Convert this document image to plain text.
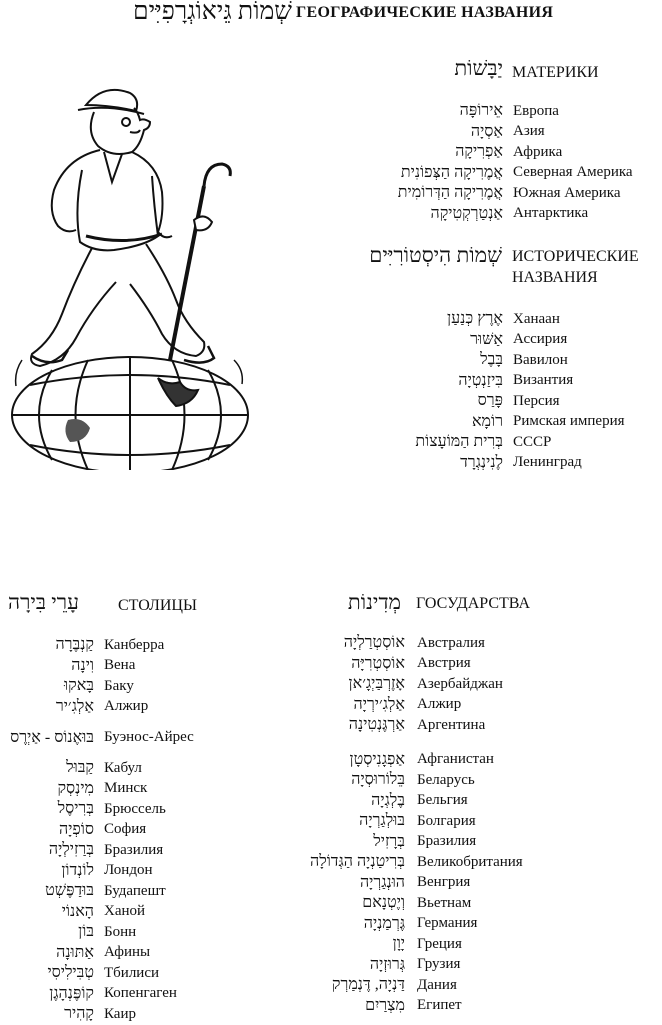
שְׁמוֹת גֵּיאוֹגְרָפִיִּים ГЕОГРАФИЧЕСКИЕ НАЗВАНИЯ
יַבָּשׁוֹת МАТЕРИКИ
אֵירוֹפָּה Европа
אַסְיָה Азия
אַפְרִיקָה Африка
אֲמֶרִיקָה הַצְּפוֹנִית Северная Америка
אֲמֶרִיקָה הַדְּרוֹמִית Южная Америка
אַנְטַרְקְטִיקָה Антарктика
שְׁמוֹת הִיסְטוֹרִיִּים ИСТОРИЧЕСКИЕ
НАЗВАНИЯ
אֶרֶץ כְּנַעַן Ханаан
אַשּׁוּר Ассирия
בָּבֶל Вавилон
בִּיזַנְטְיָה Византия
פָּרַס Персия
רוֹמָא Римская империя
בְּרִית הַמּוֹעָצוֹת СССР
לֶנִינְגְרָד Ленинград
עָרֵי בִּירָה СТОЛИЦЫ
קַנְבֶּרָה Канберра
וִינָה Вена
בָּאקוּ Баку
אַלְגִ׳יר Алжир
בּוּאֶנוֹס - אַיְרֶס Буэнос-Айрес
קַבּוּל Кабул
מִינְסְק Минск
בְּרִיסֶל Брюссель
סוֹפְיָה София
בְּרַזִילְיָה Бразилия
לוֹנְדוֹן Лондон
בּוּדַפֶּשְׁט Будапешт
הָאנוֹי Ханой
בּוֹן Бонн
אַתּוּנָה Афины
טְבִּילִיסִי Тбилиси
קוֹפֶּנְהָגֶן Копенгаген
קָהִיר Каир
מְדִינוֹת ГОСУДАРСТВА
אוֹסְטְרַלְיָה Австралия
אוֹסְטְרִיָּה Австрия
אָזֶרְבַּיְגָ׳אן Азербайджан
אַלְגִ׳ירְיָה Алжир
אַרְגֶּנְטִינָה Аргентина
אַפְגָנִיסְטָן Афганистан
בֵּלוֹרוּסְיָה Беларусь
בֶּלְגְיָה Бельгия
בּוּלְגַרְיָה Болгария
בְּרָזִיל Бразилия
בְּרִיטַנְיָה הַגְּדוֹלָה Великобритания
הוּנְגַרְיָה Венгрия
וְיֶטְנָאם Вьетнам
גֶּרְמַנְיָה Германия
יָוָן Греция
גְּרוּזְיָה Грузия
דַּנְיָה, דֶּנְמַרְק Дания
מִצְרַיִם Египет
